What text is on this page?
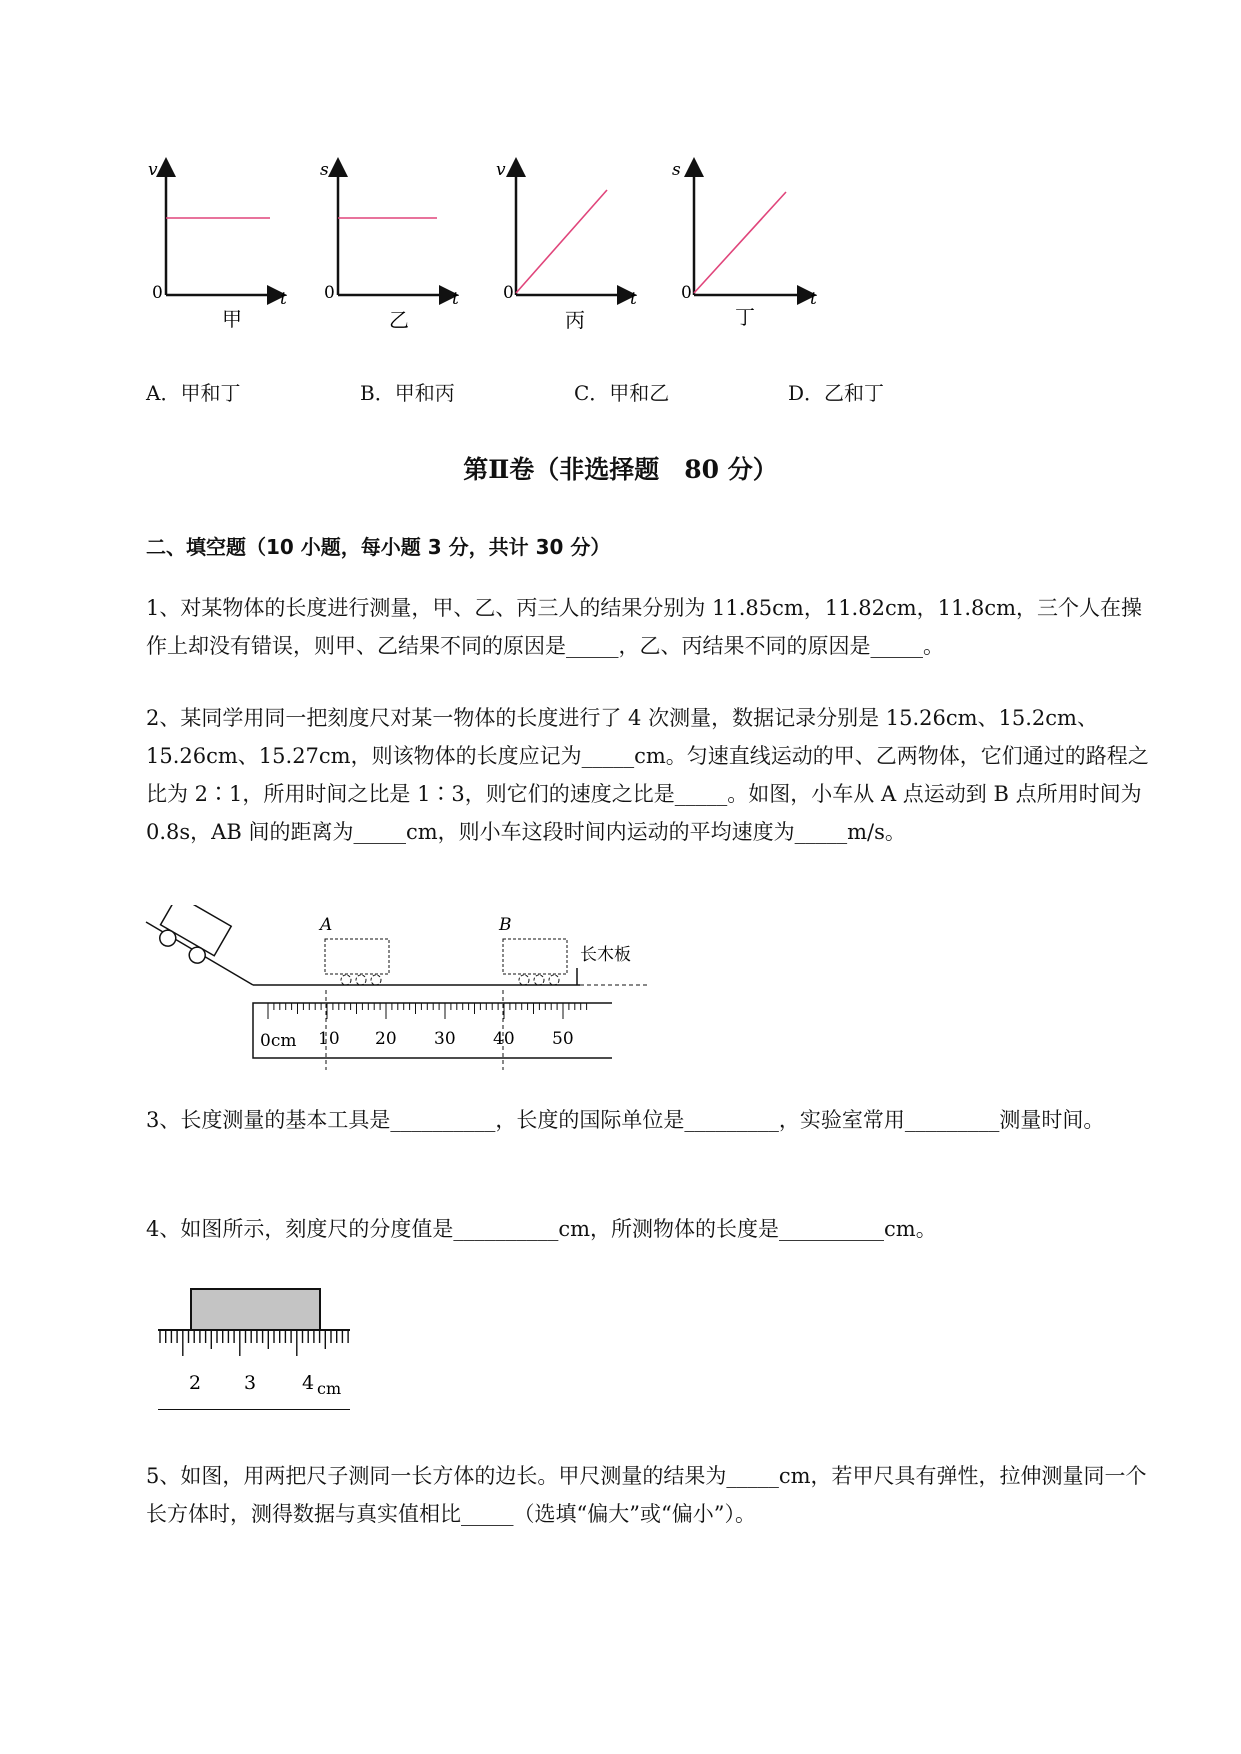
v
t
0
甲
s
t
0
乙
v
t
0
丙
s
t
0
丁
A．甲和丁	B．甲和丙	C．甲和乙	D．乙和丁
第Ⅱ卷（非选择题　80 分）
二、填空题（10 小题，每小题 3 分，共计 30 分）
1、对某物体的长度进行测量，甲、乙、丙三人的结果分别为 11.85cm，11.82cm，11.8cm，三个人在操作上却没有错误，则甲、乙结果不同的原因是_____，乙、丙结果不同的原因是_____。
2、某同学用同一把刻度尺对某一物体的长度进行了 4 次测量，数据记录分别是 15.26cm、15.2cm、15.26cm、15.27cm，则该物体的长度应记为_____cm。匀速直线运动的甲、乙两物体，它们通过的路程之比为 2∶1，所用时间之比是 1∶3，则它们的速度之比是_____。如图，小车从 A 点运动到 B 点所用时间为 0.8s，AB 间的距离为_____cm，则小车这段时间内运动的平均速度为_____m/s。
A	B
长木板
0cm 10 20 30 40 50
3、长度测量的基本工具是__________，长度的国际单位是_________，实验室常用_________测量时间。
4、如图所示，刻度尺的分度值是__________cm，所测物体的长度是__________cm。
2 3 4 cm
5、如图，用两把尺子测同一长方体的边长。甲尺测量的结果为_____cm，若甲尺具有弹性，拉伸测量同一个长方体时，测得数据与真实值相比_____（选填“偏大”或“偏小”）。
